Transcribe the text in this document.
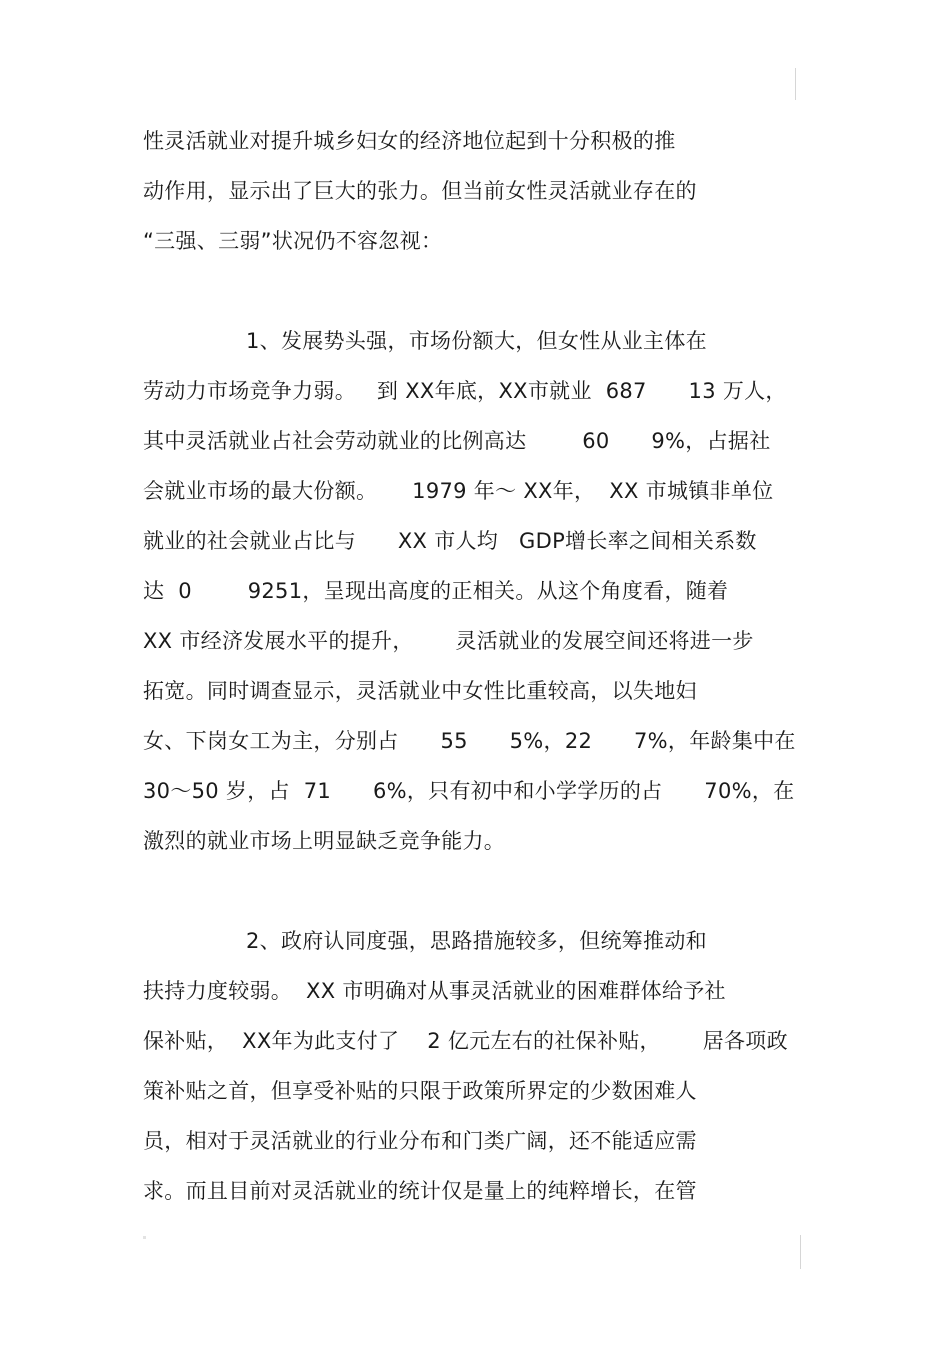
性灵活就业对提升城乡妇女的经济地位起到十分积极的推
动作用，显示出了巨大的张力。但当前女性灵活就业存在的
“三强、三弱”状况仍不容忽视：
1、发展势头强，市场份额大，但女性从业主体在
劳动力市场竞争力弱。   到 XX年底，XX市就业  687      13 万人，
其中灵活就业占社会劳动就业的比例高达        60      9%，占据社
会就业市场的最大份额。     1979 年～ XX年，  XX 市城镇非单位
就业的社会就业占比与      XX 市人均   GDP增长率之间相关系数
达  0        9251，呈现出高度的正相关。从这个角度看，随着
XX 市经济发展水平的提升，      灵活就业的发展空间还将进一步
拓宽。同时调查显示，灵活就业中女性比重较高，以失地妇
女、下岗女工为主，分别占      55      5%，22      7%，年龄集中在
30～50 岁，占  71      6%，只有初中和小学学历的占      70%，在
激烈的就业市场上明显缺乏竞争能力。
2、政府认同度强，思路措施较多，但统筹推动和
扶持力度较弱。  XX 市明确对从事灵活就业的困难群体给予社
保补贴，  XX年为此支付了    2 亿元左右的社保补贴，      居各项政
策补贴之首，但享受补贴的只限于政策所界定的少数困难人
员，相对于灵活就业的行业分布和门类广阔，还不能适应需
求。而且目前对灵活就业的统计仅是量上的纯粹增长，在管
